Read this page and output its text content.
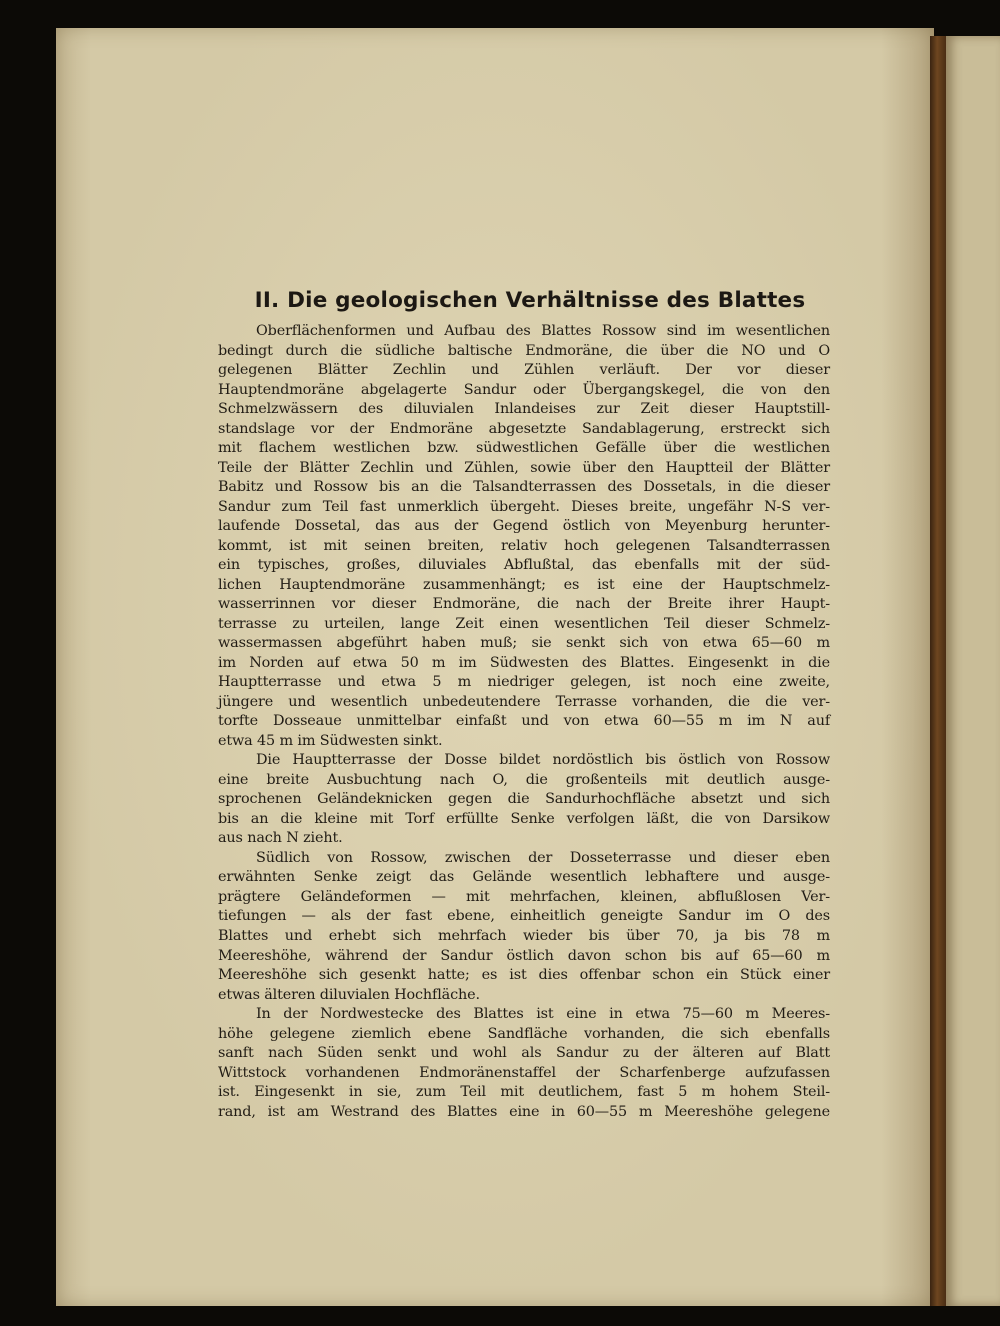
II. Die geologischen Verhältnisse des Blattes
Oberflächenformen und Aufbau des Blattes Rossow sind im wesentlichen
bedingt durch die südliche baltische Endmoräne, die über die NO und O
gelegenen Blätter Zechlin und Zühlen verläuft. Der vor dieser
Hauptendmoräne abgelagerte Sandur oder Übergangskegel, die von den
Schmelzwässern des diluvialen Inlandeises zur Zeit dieser Hauptstill-
standslage vor der Endmoräne abgesetzte Sandablagerung, erstreckt sich
mit flachem westlichen bzw. südwestlichen Gefälle über die westlichen
Teile der Blätter Zechlin und Zühlen, sowie über den Hauptteil der Blätter
Babitz und Rossow bis an die Talsandterrassen des Dossetals, in die dieser
Sandur zum Teil fast unmerklich übergeht. Dieses breite, ungefähr N-S ver-
laufende Dossetal, das aus der Gegend östlich von Meyenburg herunter-
kommt, ist mit seinen breiten, relativ hoch gelegenen Talsandterrassen
ein typisches, großes, diluviales Abflußtal, das ebenfalls mit der süd-
lichen Hauptendmoräne zusammenhängt; es ist eine der Hauptschmelz-
wasserrinnen vor dieser Endmoräne, die nach der Breite ihrer Haupt-
terrasse zu urteilen, lange Zeit einen wesentlichen Teil dieser Schmelz-
wassermassen abgeführt haben muß; sie senkt sich von etwa 65—60 m
im Norden auf etwa 50 m im Südwesten des Blattes. Eingesenkt in die
Hauptterrasse und etwa 5 m niedriger gelegen, ist noch eine zweite,
jüngere und wesentlich unbedeutendere Terrasse vorhanden, die die ver-
torfte Dosseaue unmittelbar einfaßt und von etwa 60—55 m im N auf
etwa 45 m im Südwesten sinkt.
Die Hauptterrasse der Dosse bildet nordöstlich bis östlich von Rossow
eine breite Ausbuchtung nach O, die großenteils mit deutlich ausge-
sprochenen Geländeknicken gegen die Sandurhochfläche absetzt und sich
bis an die kleine mit Torf erfüllte Senke verfolgen läßt, die von Darsikow
aus nach N zieht.
Südlich von Rossow, zwischen der Dosseterrasse und dieser eben
erwähnten Senke zeigt das Gelände wesentlich lebhaftere und ausge-
prägtere Geländeformen — mit mehrfachen, kleinen, abflußlosen Ver-
tiefungen — als der fast ebene, einheitlich geneigte Sandur im O des
Blattes und erhebt sich mehrfach wieder bis über 70, ja bis 78 m
Meereshöhe, während der Sandur östlich davon schon bis auf 65—60 m
Meereshöhe sich gesenkt hatte; es ist dies offenbar schon ein Stück einer
etwas älteren diluvialen Hochfläche.
In der Nordwestecke des Blattes ist eine in etwa 75—60 m Meeres-
höhe gelegene ziemlich ebene Sandfläche vorhanden, die sich ebenfalls
sanft nach Süden senkt und wohl als Sandur zu der älteren auf Blatt
Wittstock vorhandenen Endmoränenstaffel der Scharfenberge aufzufassen
ist. Eingesenkt in sie, zum Teil mit deutlichem, fast 5 m hohem Steil-
rand, ist am Westrand des Blattes eine in 60—55 m Meereshöhe gelegene
